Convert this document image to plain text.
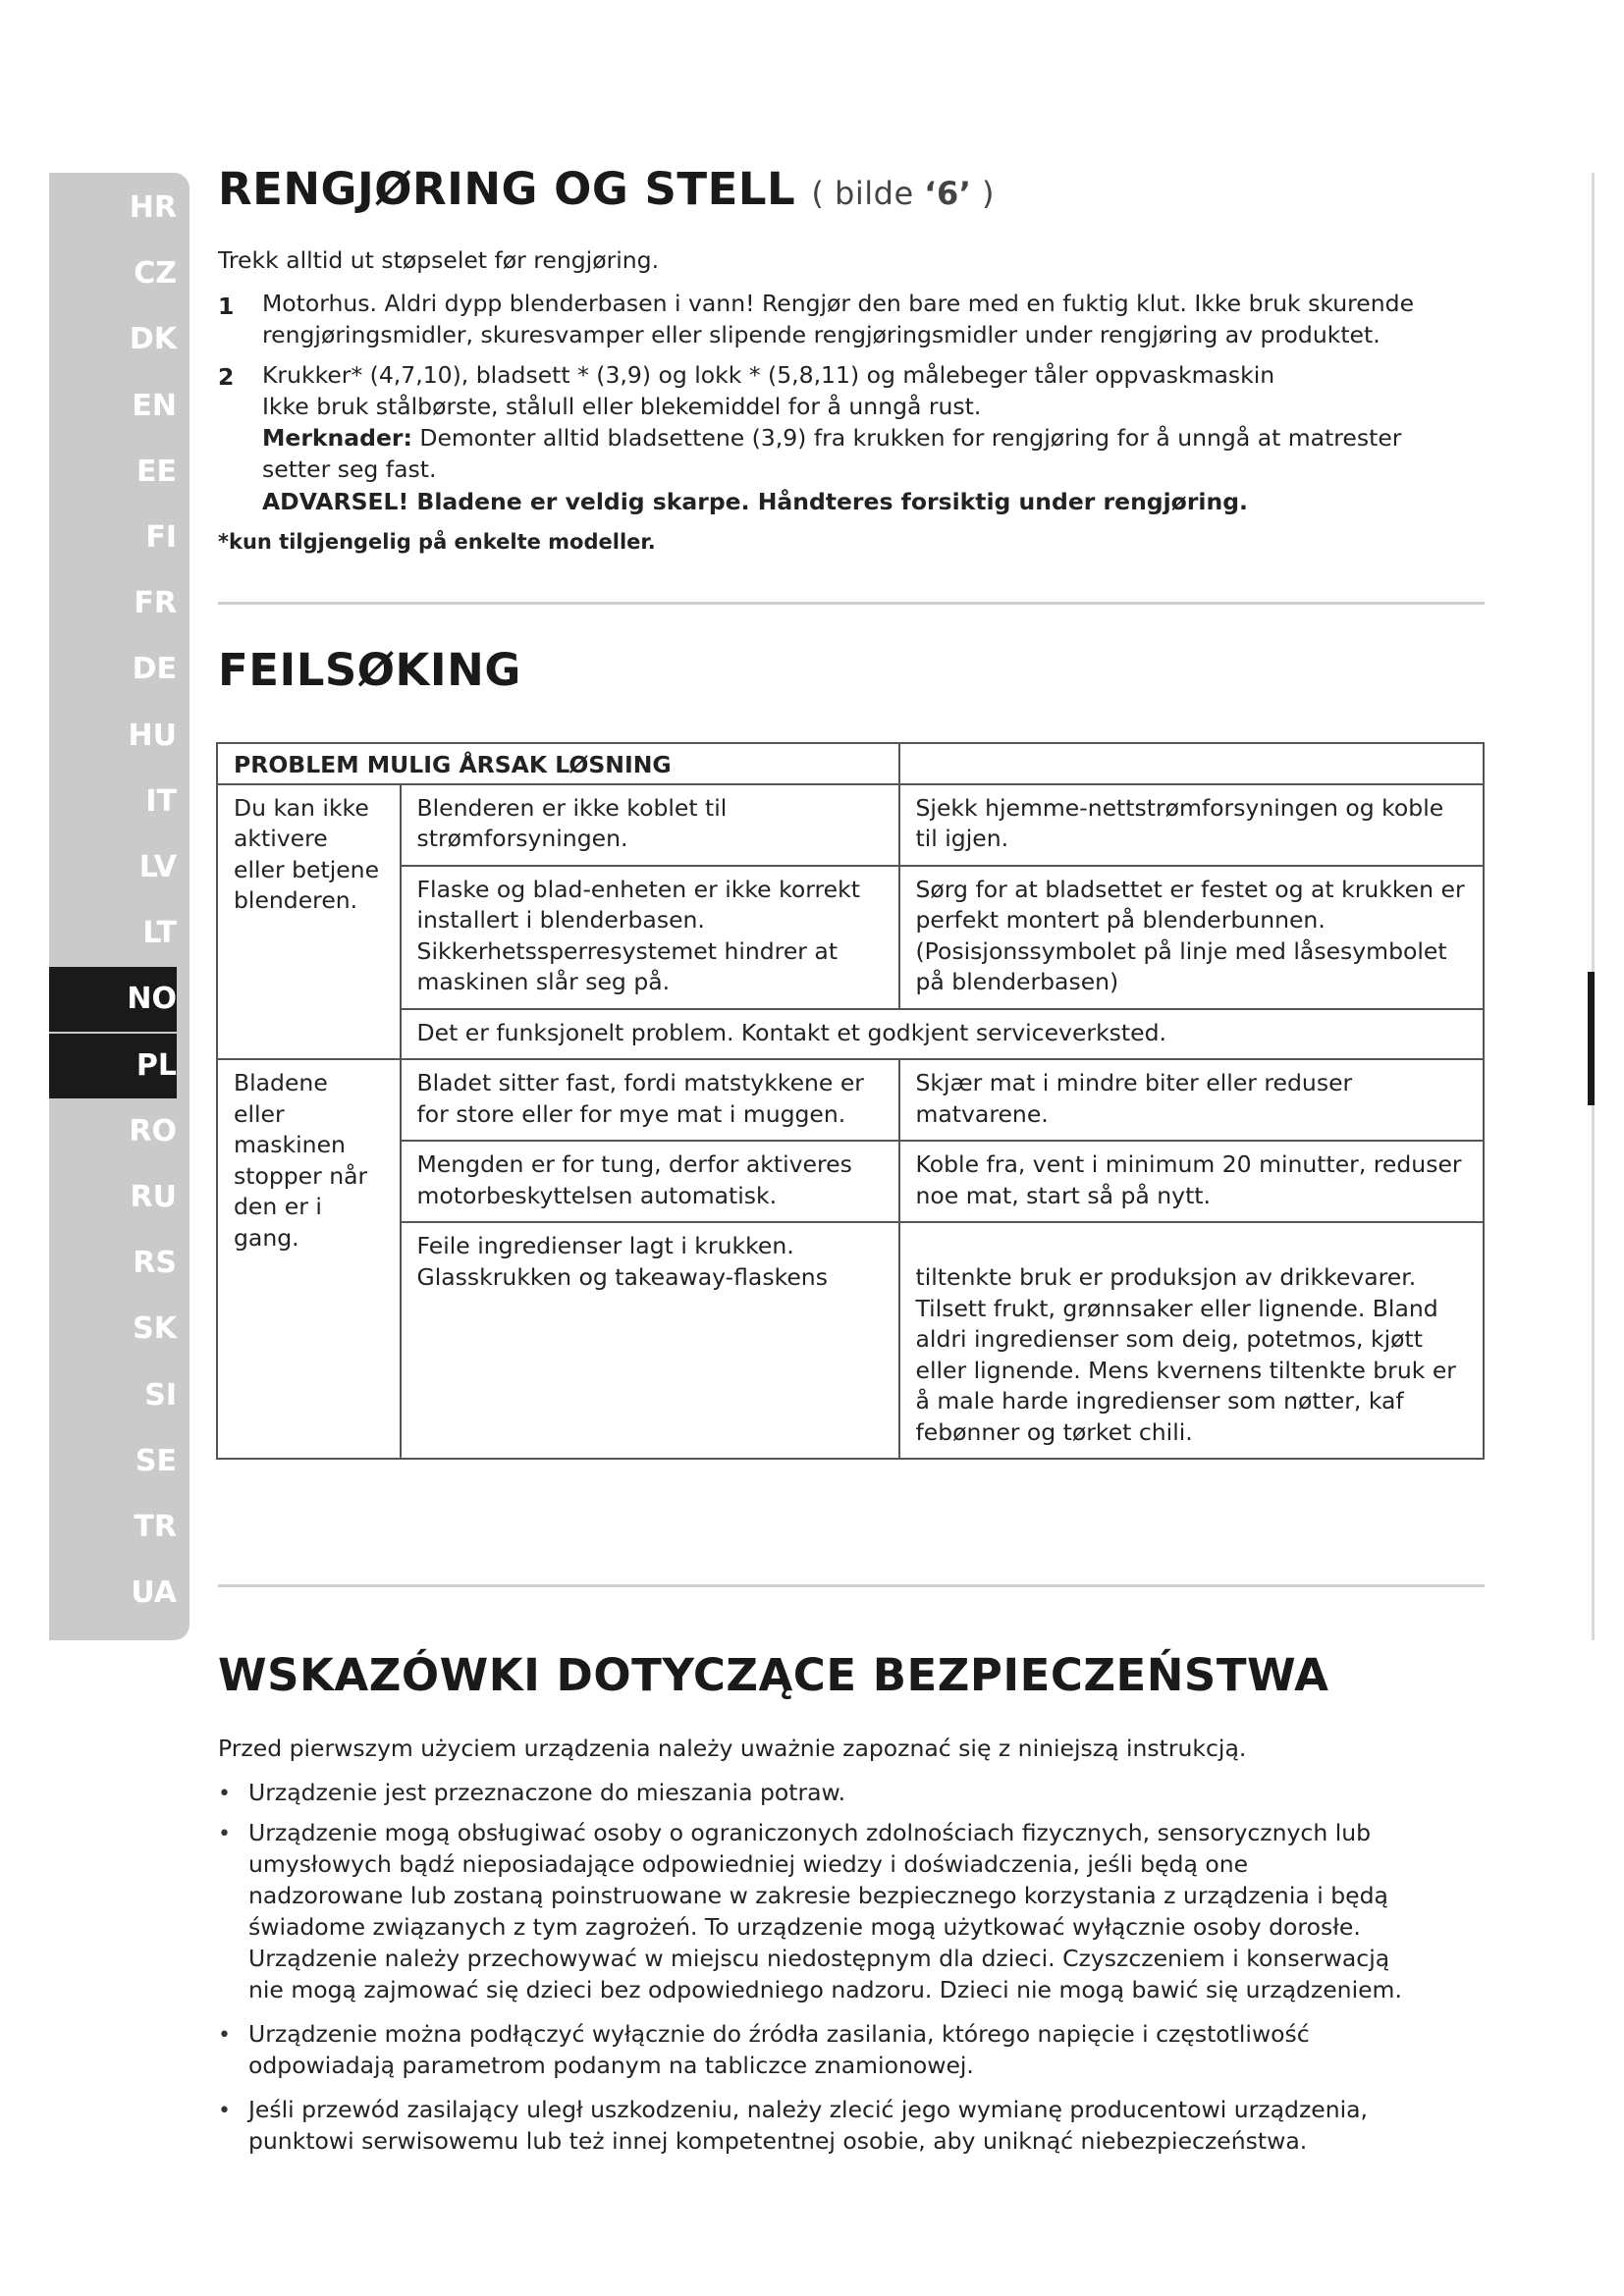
HR
CZ
DK
EN
EE
FI
FR
DE
HU
IT
LV
LT
NO
PL
RO
RU
RS
SK
SI
SE
TR
UA
RENGJØRING OG STELL ( bilde ‘6’ )
Trekk alltid ut støpselet før rengjøring.
1 Motorhus. Aldri dypp blenderbasen i vann! Rengjør den bare med en fuktig klut. Ikke bruk skurende
rengjøringsmidler, skuresvamper eller slipende rengjøringsmidler under rengjøring av produktet.
2 Krukker* (4,7,10), bladsett * (3,9) og lokk * (5,8,11) og målebeger tåler oppvaskmaskin
Ikke bruk stålbørste, stålull eller blekemiddel for å unngå rust.
Merknader: Demonter alltid bladsettene (3,9) fra krukken for rengjøring for å unngå at matrester
setter seg fast.
ADVARSEL! Bladene er veldig skarpe. Håndteres forsiktig under rengjøring.
*kun tilgjengelig på enkelte modeller.
FEILSØKING
PROBLEM MULIG ÅRSAK LØSNING		
Du kan ikke aktivere eller betjene blenderen.	Blenderen er ikke koblet til strømforsyningen.	Sjekk hjemme-nettstrømforsyningen og koble til igjen.
	Flaske og blad-enheten er ikke korrekt installert i blenderbasen. Sikkerhetssperresystemet hindrer at maskinen slår seg på.	Sørg for at bladsettet er festet og at krukken er perfekt montert på blenderbunnen. (Posisjonssymbolet på linje med låsesymbolet på blenderbasen)
	Det er funksjonelt problem. Kontakt et godkjent serviceverksted.	
Bladene eller maskinen stopper når den er i gang.	Bladet sitter fast, fordi matstykkene er for store eller for mye mat i muggen.	Skjær mat i mindre biter eller reduser matvarene.
	Mengden er for tung, derfor aktiveres motorbeskyttelsen automatisk.	Koble fra, vent i minimum 20 minutter, reduser noe mat, start så på nytt.
	Feile ingredienser lagt i krukken. Glasskrukken og takeaway-flaskens	tiltenkte bruk er produksjon av drikkevarer. Tilsett frukt, grønnsaker eller lignende. Bland aldri ingredienser som deig, potetmos, kjøtt eller lignende. Mens kvernens tiltenkte bruk er å male harde ingredienser som nøtter, kaf febønner og tørket chili.
WSKAZÓWKI DOTYCZĄCE BEZPIECZEŃSTWA
Przed pierwszym użyciem urządzenia należy uważnie zapoznać się z niniejszą instrukcją.
• Urządzenie jest przeznaczone do mieszania potraw.
• Urządzenie mogą obsługiwać osoby o ograniczonych zdolnościach fizycznych, sensorycznych lub
umysłowych bądź nieposiadające odpowiedniej wiedzy i doświadczenia, jeśli będą one
nadzorowane lub zostaną poinstruowane w zakresie bezpiecznego korzystania z urządzenia i będą
świadome związanych z tym zagrożeń. To urządzenie mogą użytkować wyłącznie osoby dorosłe.
Urządzenie należy przechowywać w miejscu niedostępnym dla dzieci. Czyszczeniem i konserwacją
nie mogą zajmować się dzieci bez odpowiedniego nadzoru. Dzieci nie mogą bawić się urządzeniem.
• Urządzenie można podłączyć wyłącznie do źródła zasilania, którego napięcie i częstotliwość
odpowiadają parametrom podanym na tabliczce znamionowej.
• Jeśli przewód zasilający uległ uszkodzeniu, należy zlecić jego wymianę producentowi urządzenia,
punktowi serwisowemu lub też innej kompetentnej osobie, aby uniknąć niebezpieczeństwa.
